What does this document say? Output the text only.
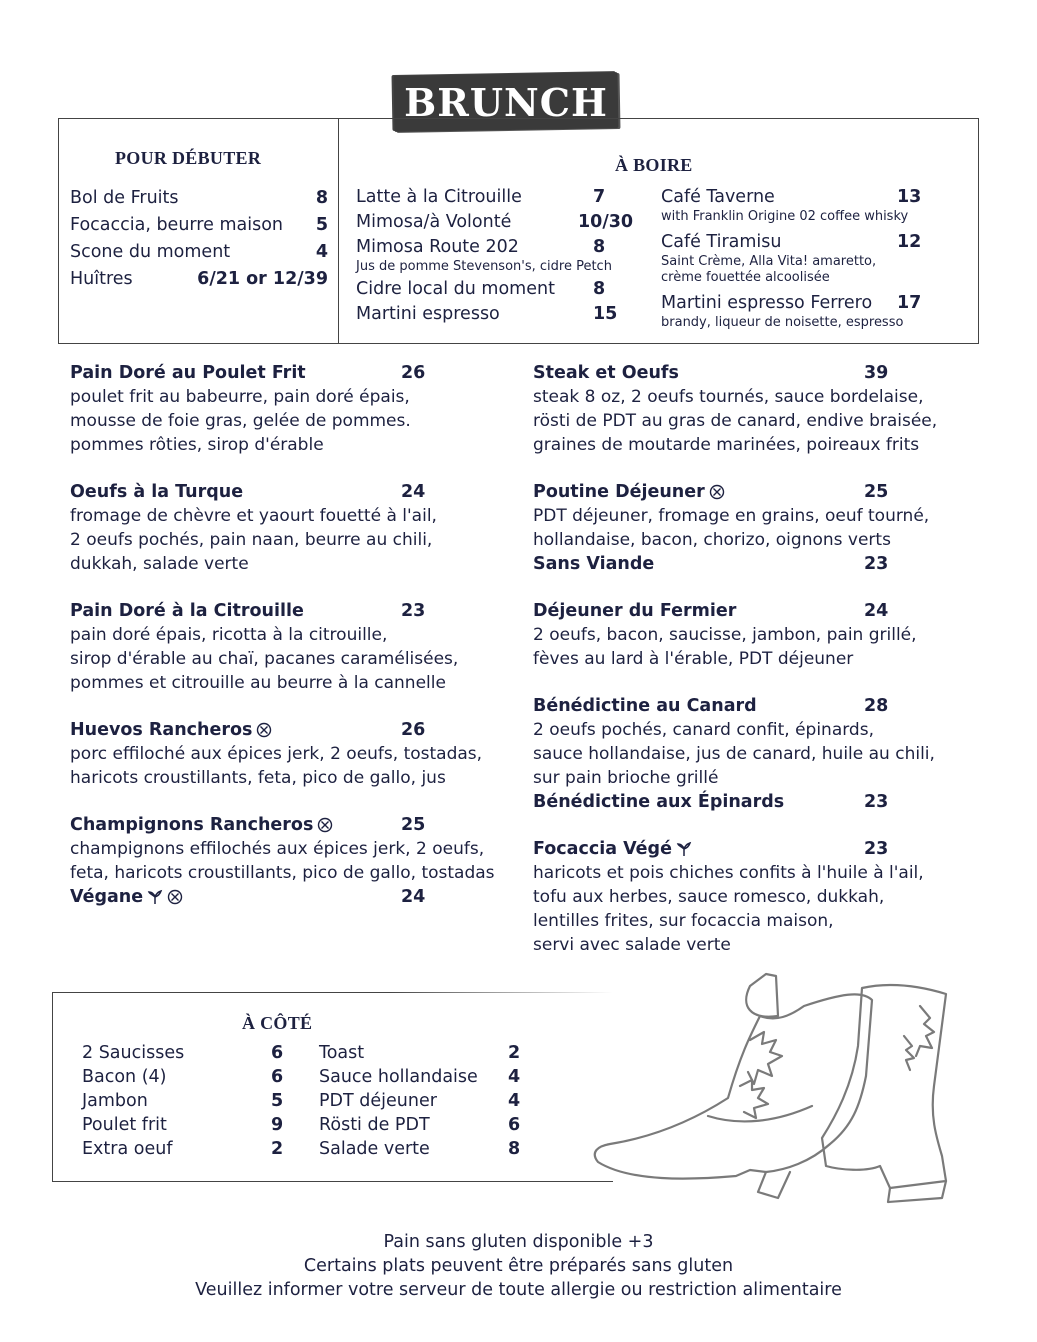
BRUNCH
POUR DÉBUTER
Bol de Fruits	8
Focaccia, beurre maison 5
Scone du moment	4
Huîtres	6/21 or 12/39
À BOIRE
Latte à la Citrouille	7
Mimosa/à Volonté	10/30
Mimosa Route 202	8
Jus de pomme Stevenson's, cidre Petch
Cidre local du moment 8
Martini espresso	15
Café Taverne	13
with Franklin Origine 02 coffee whisky
Café Tiramisu	12
Saint Crème, Alla Vita! amaretto,
crème fouettée alcoolisée
Martini espresso Ferrero 17
brandy, liqueur de noisette, espresso
Pain Doré au Poulet Frit	26
poulet frit au babeurre, pain doré épais,
mousse de foie gras, gelée de pommes.
pommes rôties, sirop d'érable
Oeufs à la Turque	24
fromage de chèvre et yaourt fouetté à l'ail,
2 oeufs pochés, pain naan, beurre au chili,
dukkah, salade verte
Pain Doré à la Citrouille	23
pain doré épais, ricotta à la citrouille,
sirop d'érable au chaï, pacanes caramélisées,
pommes et citrouille au beurre à la cannelle
Huevos Rancheros	26
porc effiloché aux épices jerk, 2 oeufs, tostadas,
haricots croustillants, feta, pico de gallo, jus
Champignons Rancheros	25
champignons effilochés aux épices jerk, 2 oeufs,
feta, haricots croustillants, pico de gallo, tostadas
Végane	24
Steak et Oeufs	39
steak 8 oz, 2 oeufs tournés, sauce bordelaise,
rösti de PDT au gras de canard, endive braisée,
graines de moutarde marinées, poireaux frits
Poutine Déjeuner	25
PDT déjeuner, fromage en grains, oeuf tourné,
hollandaise, bacon, chorizo, oignons verts
Sans Viande	23
Déjeuner du Fermier	24
2 oeufs, bacon, saucisse, jambon, pain grillé,
fèves au lard à l'érable, PDT déjeuner
Bénédictine au Canard	28
2 oeufs pochés, canard confit, épinards,
sauce hollandaise, jus de canard, huile au chili,
sur pain brioche grillé
Bénédictine aux Épinards	23
Focaccia Végé	23
haricots et pois chiches confits à l'huile à l'ail,
tofu aux herbes, sauce romesco, dukkah,
lentilles frites, sur focaccia maison,
servi avec salade verte
À CÔTÉ
2 Saucisses	6
Bacon (4)	6
Jambon	5
Poulet frit	9
Extra oeuf	2
Toast	2
Sauce hollandaise 4
PDT déjeuner	4
Rösti de PDT	6
Salade verte	8
Pain sans gluten disponible +3
Certains plats peuvent être préparés sans gluten
Veuillez informer votre serveur de toute allergie ou restriction alimentaire
